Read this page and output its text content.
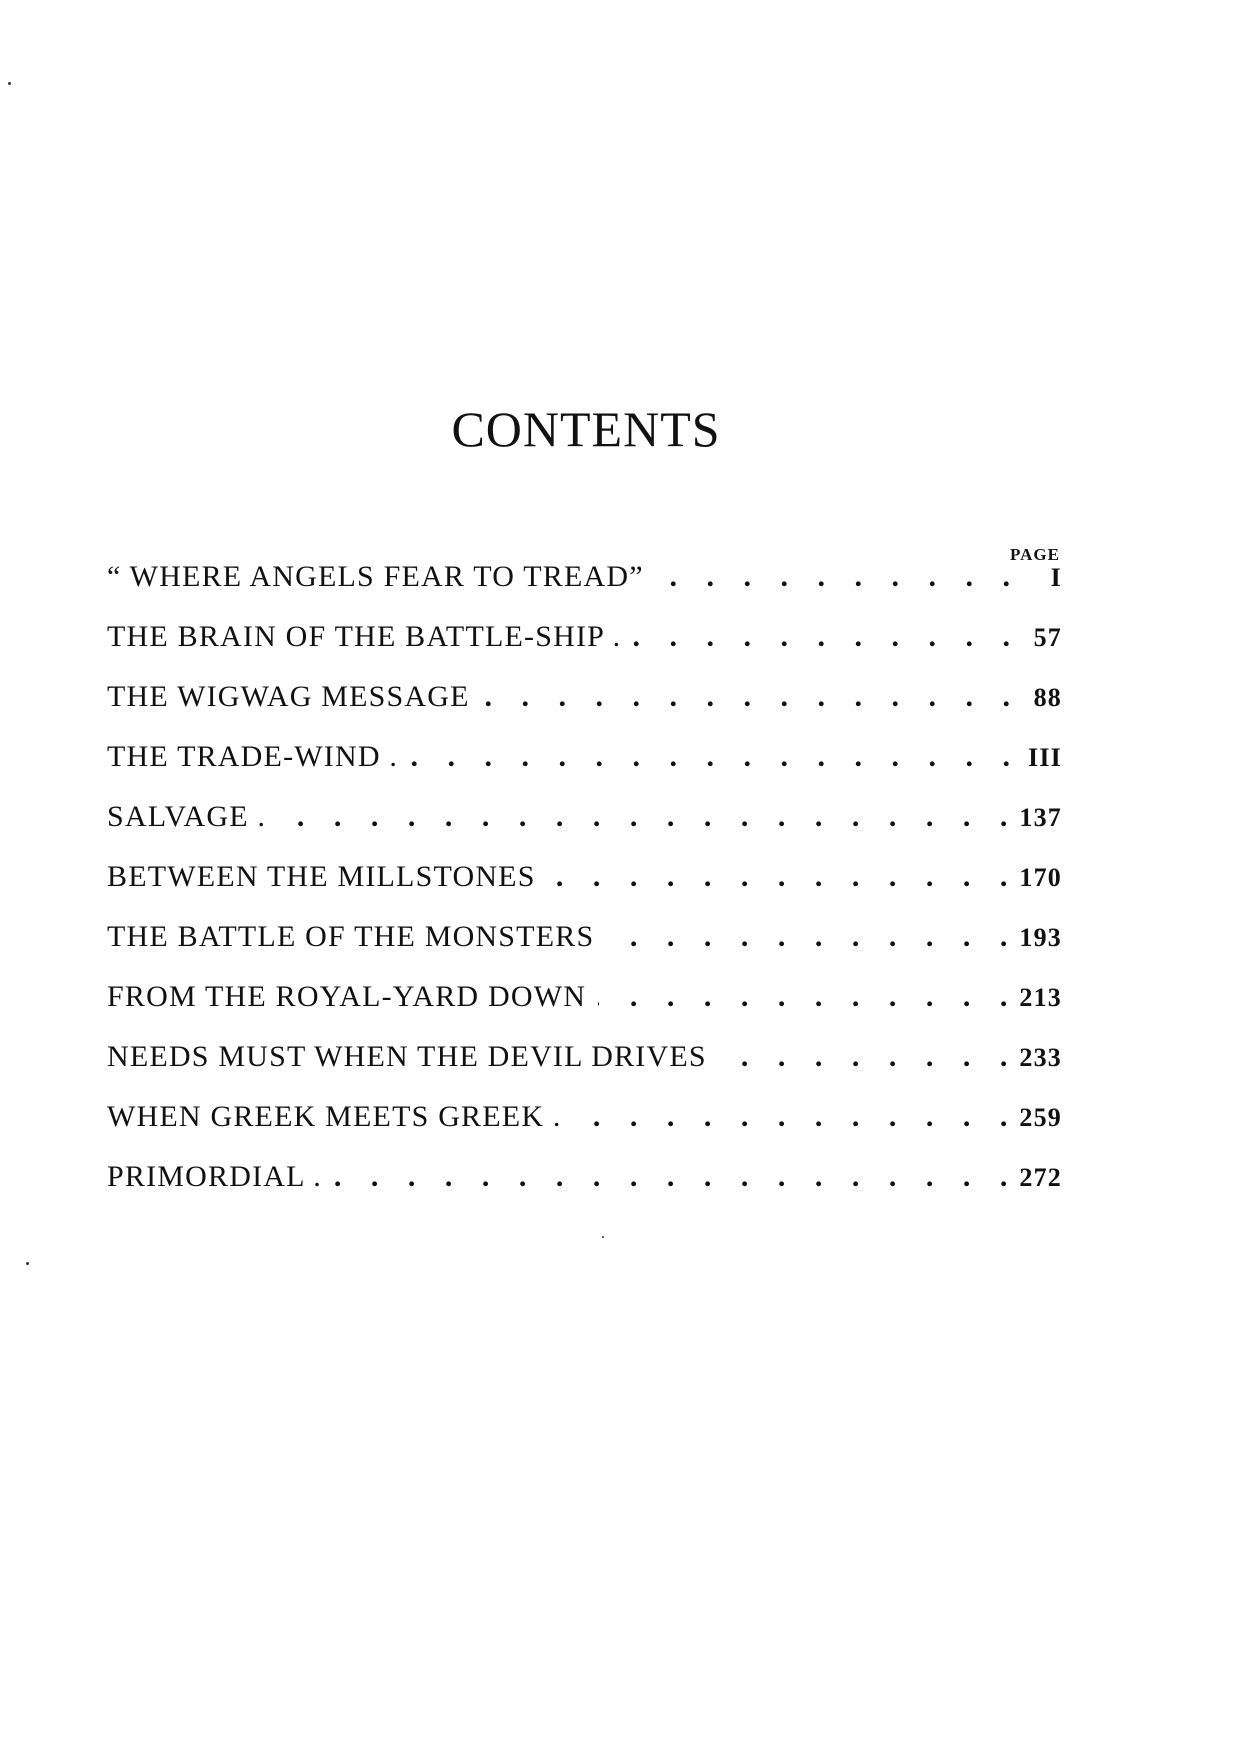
CONTENTS
PAGE
“ WHERE ANGELS FEAR TO TREAD” . . .	I
THE BRAIN OF THE BATTLE-SHIP . . . .	57
THE WIGWAG MESSAGE . . .	88
THE TRADE-WIND . . . .	III
SALVAGE . . . .	137
BETWEEN THE MILLSTONES . . .	170
THE BATTLE OF THE MONSTERS . . .	193
FROM THE ROYAL-YARD DOWN . . .	213
NEEDS MUST WHEN THE DEVIL DRIVES . . .	233
WHEN GREEK MEETS GREEK . . . .	259
PRIMORDIAL . . . .	272
